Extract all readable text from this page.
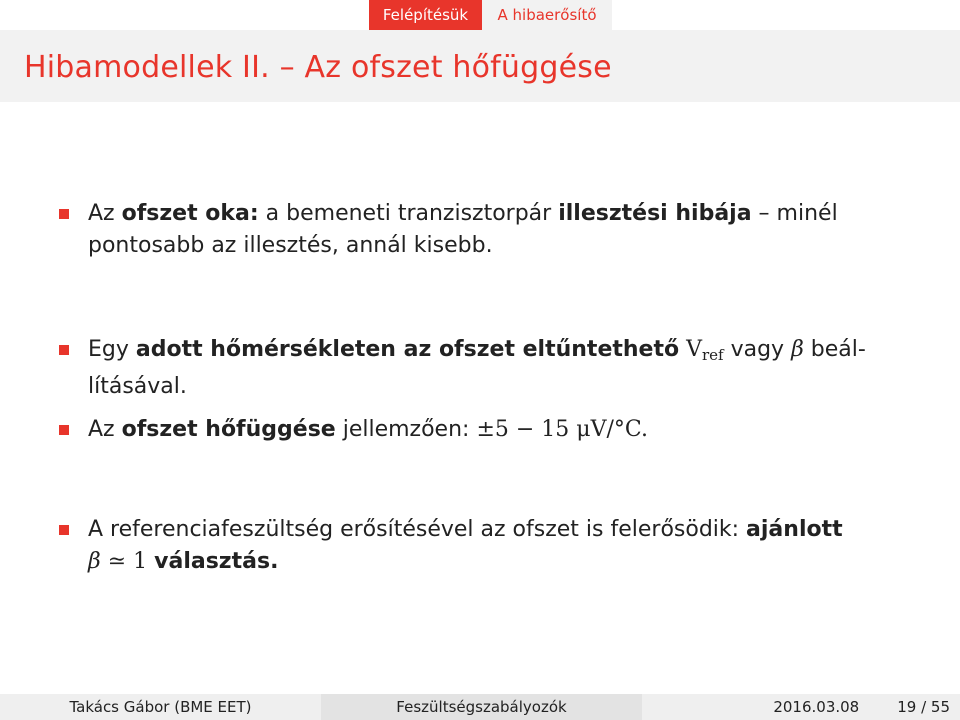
Felépítésük	A hibaerősítő
Hibamodellek II. – Az ofszet hőfüggése
Az ofszet oka: a bemeneti tranzisztorpár illesztési hibája – minél
pontosabb az illesztés, annál kisebb.
Egy adott hőmérsékleten az ofszet eltűntethető $V_{ref}$ vagy β beál-
lításával.
Az ofszet hőfüggése jellemzően: ±5 − 15 μV/°C.
A referenciafeszültség erősítésével az ofszet is felerősödik: ajánlott
β ≃ 1 választás.
Takács Gábor (BME EET)	Feszültségszabályozók	2016.03.08	19 / 55
